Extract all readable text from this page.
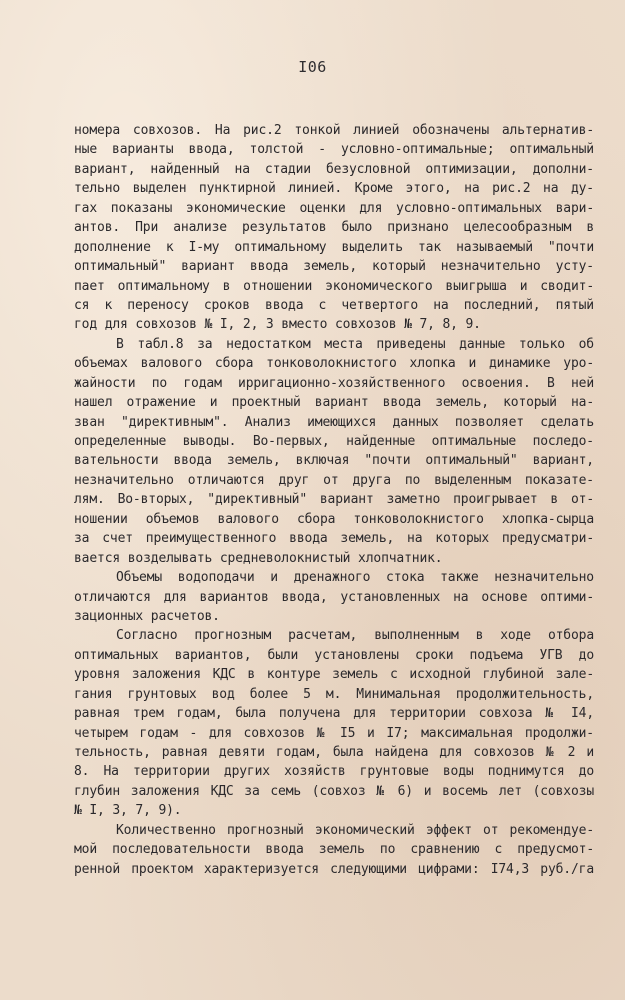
I06
номера совхозов. На рис.2 тонкой линией обозначены альтернатив-
ные варианты ввода, толстой - условно-оптимальные; оптимальный
вариант, найденный на стадии безусловной оптимизации, дополни-
тельно выделен пунктирной линией. Кроме этого, на рис.2 на ду-
гах показаны экономические оценки для условно-оптимальных вари-
антов. При анализе результатов было признано целесообразным в
дополнение к I-му оптимальному выделить так называемый "почти
оптимальный" вариант ввода земель, который незначительно усту-
пает оптимальному в отношении экономического выигрыша и сводит-
ся к переносу сроков ввода с четвертого на последний, пятый
год для совхозов № I, 2, 3 вместо совхозов № 7, 8, 9.
В табл.8 за недостатком места приведены данные только об
объемах валового сбора тонковолокнистого хлопка и динамике уро-
жайности по годам ирригационно-хозяйственного освоения. В ней
нашел отражение и проектный вариант ввода земель, который на-
зван "директивным". Анализ имеющихся данных позволяет сделать
определенные выводы. Во-первых, найденные оптимальные последо-
вательности ввода земель, включая "почти оптимальный" вариант,
незначительно отличаются друг от друга по выделенным показате-
лям. Во-вторых, "директивный" вариант заметно проигрывает в от-
ношении объемов валового сбора тонковолокнистого хлопка-сырца
за счет преимущественного ввода земель, на которых предусматри-
вается возделывать средневолокнистый хлопчатник.
Объемы водоподачи и дренажного стока также незначительно
отличаются для вариантов ввода, установленных на основе оптими-
зационных расчетов.
Согласно прогнозным расчетам, выполненным в ходе отбора
оптимальных вариантов, были установлены сроки подъема УГВ до
уровня заложения КДС в контуре земель с исходной глубиной зале-
гания грунтовых вод более 5 м. Минимальная продолжительность,
равная трем годам, была получена для территории совхоза № I4,
четырем годам - для совхозов № I5 и I7; максимальная продолжи-
тельность, равная девяти годам, была найдена для совхозов № 2 и
8. На территории других хозяйств грунтовые воды поднимутся до
глубин заложения КДС за семь (совхоз № 6) и восемь лет (совхозы
№ I, 3, 7, 9).
Количественно прогнозный экономический эффект от рекомендуе-
мой последовательности ввода земель по сравнению с предусмот-
ренной проектом характеризуется следующими цифрами: I74,3 руб./га
